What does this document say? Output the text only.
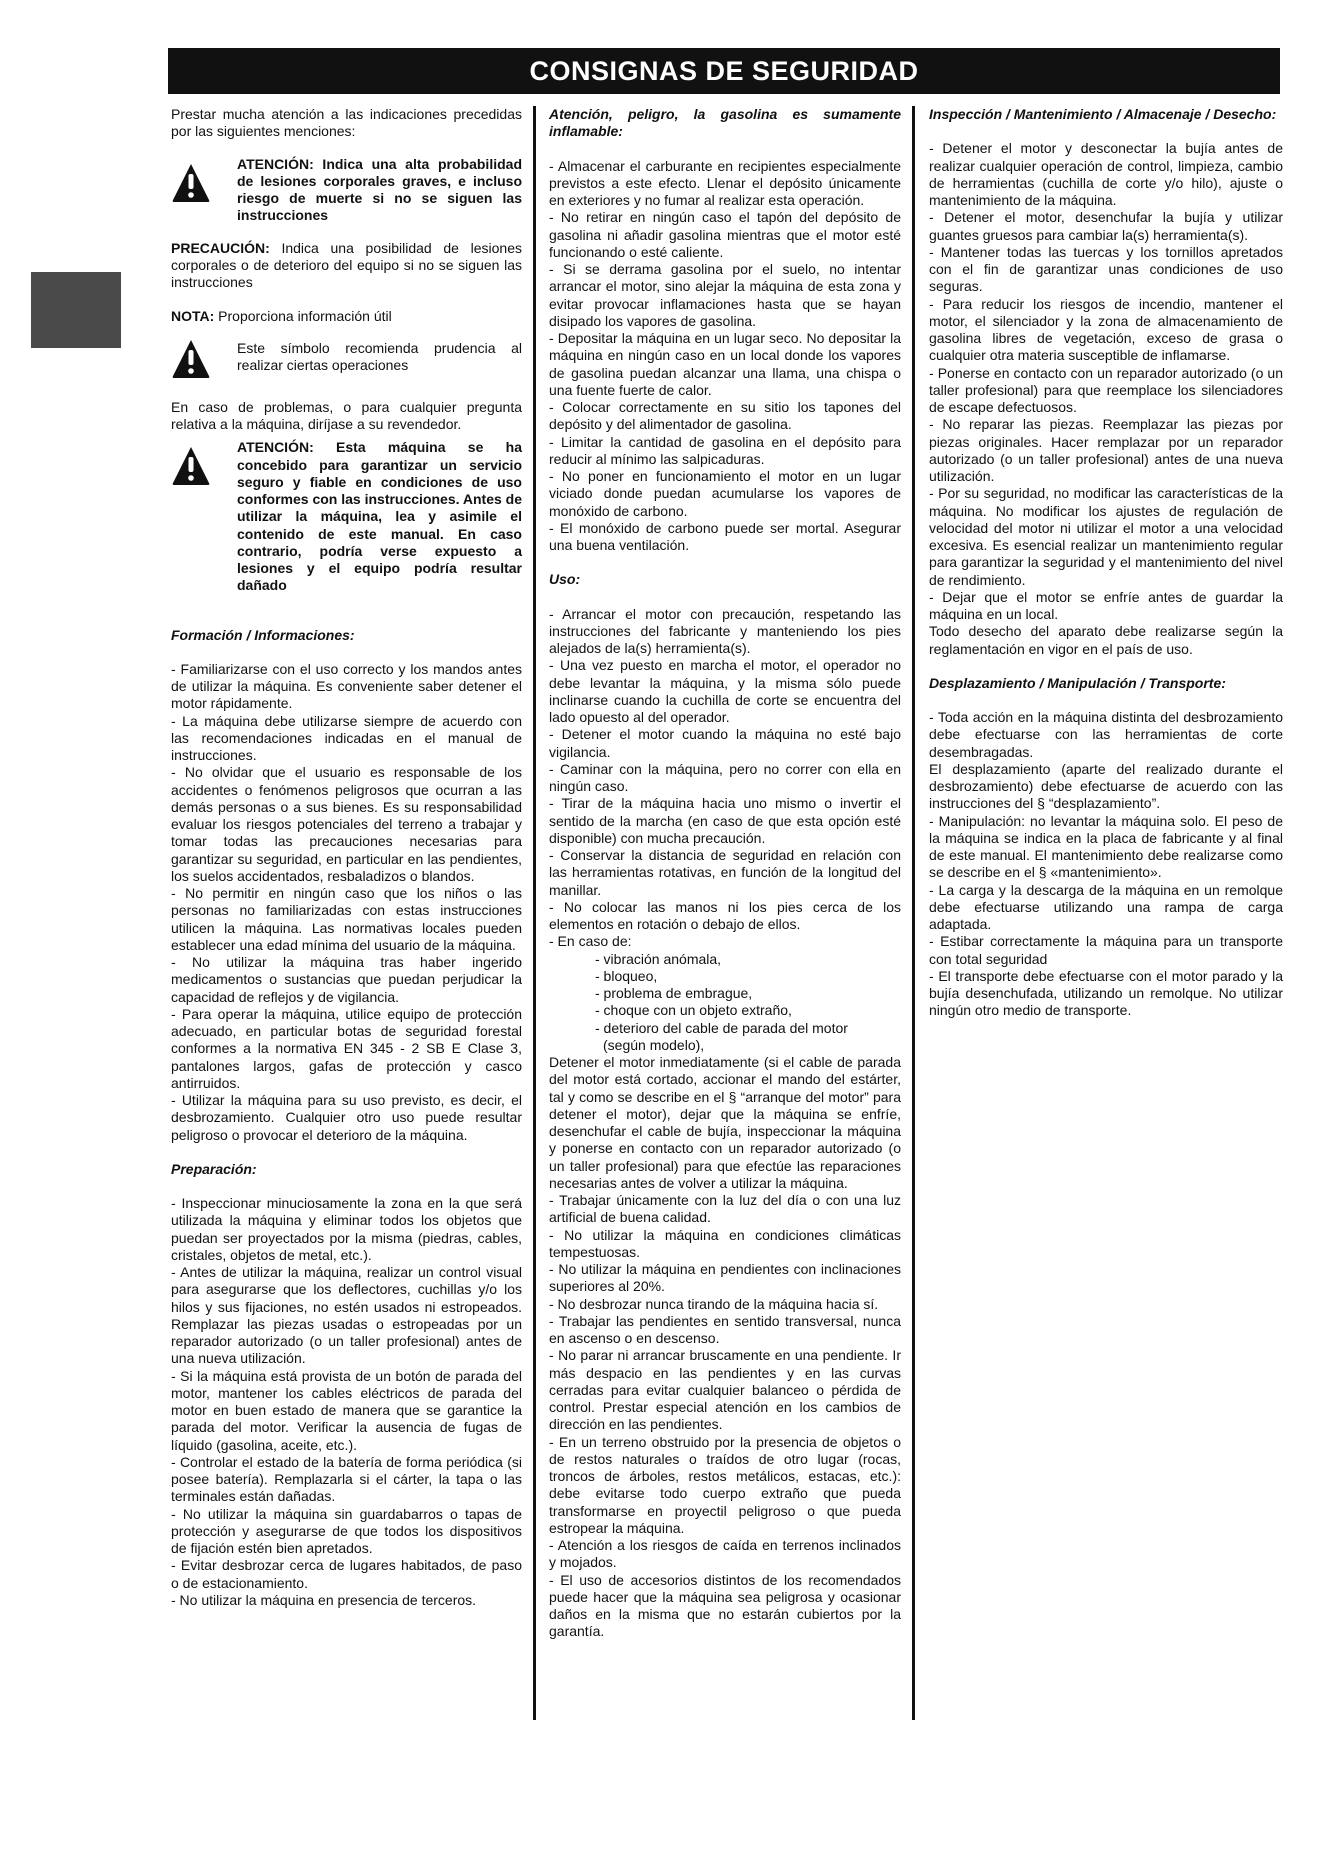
CONSIGNAS DE SEGURIDAD

Prestar mucha atención a las indicaciones precedidas por las siguientes menciones:

ATENCIÓN: Indica una alta probabilidad de lesiones corporales graves, e incluso riesgo de muerte si no se siguen las instrucciones

PRECAUCIÓN: Indica una posibilidad de lesiones corporales o de deterioro del equipo si no se siguen las instrucciones

NOTA: Proporciona información útil

Este símbolo recomienda prudencia al realizar ciertas operaciones

En caso de problemas, o para cualquier pregunta relativa a la máquina, diríjase a su revendedor.

ATENCIÓN: Esta máquina se ha concebido para garantizar un servicio seguro y fiable en condiciones de uso conformes con las instrucciones. Antes de utilizar la máquina, lea y asimile el contenido de este manual. En caso contrario, podría verse expuesto a lesiones y el equipo podría resultar dañado

Formación / Informaciones:

- Familiarizarse con el uso correcto y los mandos antes de utilizar la máquina. Es conveniente saber detener el motor rápidamente.

- La máquina debe utilizarse siempre de acuerdo con las recomendaciones indicadas en el manual de instrucciones.

- No olvidar que el usuario es responsable de los accidentes o fenómenos peligrosos que ocurran a las demás personas o a sus bienes. Es su responsabilidad evaluar los riesgos potenciales del terreno a trabajar y tomar todas las precauciones necesarias para garantizar su seguridad, en particular en las pendientes, los suelos accidentados, resbaladizos o blandos.

- No permitir en ningún caso que los niños o las personas no familiarizadas con estas instrucciones utilicen la máquina. Las normativas locales pueden establecer una edad mínima del usuario de la máquina.

- No utilizar la máquina tras haber ingerido medicamentos o sustancias que puedan perjudicar la capacidad de reflejos y de vigilancia.

- Para operar la máquina, utilice equipo de protección adecuado, en particular botas de seguridad forestal conformes a la normativa EN 345 - 2 SB E Clase 3, pantalones largos, gafas de protección y casco antirruidos.

- Utilizar la máquina para su uso previsto, es decir, el desbrozamiento. Cualquier otro uso puede resultar peligroso o provocar el deterioro de la máquina.

Preparación:

- Inspeccionar minuciosamente la zona en la que será utilizada la máquina y eliminar todos los objetos que puedan ser proyectados por la misma (piedras, cables, cristales, objetos de metal, etc.).

- Antes de utilizar la máquina, realizar un control visual para asegurarse que los deflectores, cuchillas y/o los hilos y sus fijaciones, no estén usados ni estropeados. Remplazar las piezas usadas o estropeadas por un reparador autorizado (o un taller profesional) antes de una nueva utilización.

- Si la máquina está provista de un botón de parada del motor, mantener los cables eléctricos de parada del motor en buen estado de manera que se garantice la parada del motor. Verificar la ausencia de fugas de líquido (gasolina, aceite, etc.).

- Controlar el estado de la batería de forma periódica (si posee batería). Remplazarla si el cárter, la tapa o las terminales están dañadas.

- No utilizar la máquina sin guardabarros o tapas de protección y asegurarse de que todos los dispositivos de fijación estén bien apretados.

- Evitar desbrozar cerca de lugares habitados, de paso o de estacionamiento.

- No utilizar la máquina en presencia de terceros.

Atención, peligro, la gasolina es sumamente inflamable:

- Almacenar el carburante en recipientes especialmente previstos a este efecto. Llenar el depósito únicamente en exteriores y no fumar al realizar esta operación.

- No retirar en ningún caso el tapón del depósito de gasolina ni añadir gasolina mientras que el motor esté funcionando o esté caliente.

- Si se derrama gasolina por el suelo, no intentar arrancar el motor, sino alejar la máquina de esta zona y evitar provocar inflamaciones hasta que se hayan disipado los vapores de gasolina.

- Depositar la máquina en un lugar seco. No depositar la máquina en ningún caso en un local donde los vapores de gasolina puedan alcanzar una llama, una chispa o una fuente fuerte de calor.

- Colocar correctamente en su sitio los tapones del depósito y del alimentador de gasolina.

- Limitar la cantidad de gasolina en el depósito para reducir al mínimo las salpicaduras.

- No poner en funcionamiento el motor en un lugar viciado donde puedan acumularse los vapores de monóxido de carbono.

- El monóxido de carbono puede ser mortal. Asegurar una buena ventilación.

Uso:

- Arrancar el motor con precaución, respetando las instrucciones del fabricante y manteniendo los pies alejados de la(s) herramienta(s).

- Una vez puesto en marcha el motor, el operador no debe levantar la máquina, y la misma sólo puede inclinarse cuando la cuchilla de corte se encuentra del lado opuesto al del operador.

- Detener el motor cuando la máquina no esté bajo vigilancia.

- Caminar con la máquina, pero no correr con ella en ningún caso.

- Tirar de la máquina hacia uno mismo o invertir el sentido de la marcha (en caso de que esta opción esté disponible) con mucha precaución.

- Conservar la distancia de seguridad en relación con las herramientas rotativas, en función de la longitud del manillar.

- No colocar las manos ni los pies cerca de los elementos en rotación o debajo de ellos.

- En caso de:

- vibración anómala,

- bloqueo,

- problema de embrague,

- choque con un objeto extraño,

- deterioro del cable de parada del motor

(según modelo),

Detener el motor inmediatamente (si el cable de parada del motor está cortado, accionar el mando del estárter, tal y como se describe en el § “arranque del motor” para detener el motor), dejar que la máquina se enfríe, desenchufar el cable de bujía, inspeccionar la máquina y ponerse en contacto con un reparador autorizado (o un taller profesional) para que efectúe las reparaciones necesarias antes de volver a utilizar la máquina.

- Trabajar únicamente con la luz del día o con una luz artificial de buena calidad.

- No utilizar la máquina en condiciones climáticas tempestuosas.

- No utilizar la máquina en pendientes con inclinaciones superiores al 20%.

- No desbrozar nunca tirando de la máquina hacia sí.

- Trabajar las pendientes en sentido transversal, nunca en ascenso o en descenso.

- No parar ni arrancar bruscamente en una pendiente. Ir más despacio en las pendientes y en las curvas cerradas para evitar cualquier balanceo o pérdida de control. Prestar especial atención en los cambios de dirección en las pendientes.

- En un terreno obstruido por la presencia de objetos o de restos naturales o traídos de otro lugar (rocas, troncos de árboles, restos metálicos, estacas, etc.): debe evitarse todo cuerpo extraño que pueda transformarse en proyectil peligroso o que pueda estropear la máquina.

- Atención a los riesgos de caída en terrenos inclinados y mojados.

- El uso de accesorios distintos de los recomendados puede hacer que la máquina sea peligrosa y ocasionar daños en la misma que no estarán cubiertos por la garantía.

Inspección / Mantenimiento / Almacenaje / Desecho:

- Detener el motor y desconectar la bujía antes de realizar cualquier operación de control, limpieza, cambio de herramientas (cuchilla de corte y/o hilo), ajuste o mantenimiento de la máquina.

- Detener el motor, desenchufar la bujía y utilizar guantes gruesos para cambiar la(s) herramienta(s).

- Mantener todas las tuercas y los tornillos apretados con el fin de garantizar unas condiciones de uso seguras.

- Para reducir los riesgos de incendio, mantener el motor, el silenciador y la zona de almacenamiento de gasolina libres de vegetación, exceso de grasa o cualquier otra materia susceptible de inflamarse.

- Ponerse en contacto con un reparador autorizado (o un taller profesional) para que reemplace los silenciadores de escape defectuosos.

- No reparar las piezas. Reemplazar las piezas por piezas originales. Hacer remplazar por un reparador autorizado (o un taller profesional) antes de una nueva utilización.

- Por su seguridad, no modificar las características de la máquina. No modificar los ajustes de regulación de velocidad del motor ni utilizar el motor a una velocidad excesiva. Es esencial realizar un mantenimiento regular para garantizar la seguridad y el mantenimiento del nivel de rendimiento.

- Dejar que el motor se enfríe antes de guardar la máquina en un local.

Todo desecho del aparato debe realizarse según la reglamentación en vigor en el país de uso.

Desplazamiento / Manipulación / Transporte:

- Toda acción en la máquina distinta del desbrozamiento debe efectuarse con las herramientas de corte desembragadas.

El desplazamiento (aparte del realizado durante el desbrozamiento) debe efectuarse de acuerdo con las instrucciones del § “desplazamiento”.

- Manipulación: no levantar la máquina solo. El peso de la máquina se indica en la placa de fabricante y al final de este manual. El mantenimiento debe realizarse como se describe en el § «mantenimiento».

- La carga y la descarga de la máquina en un remolque debe efectuarse utilizando una rampa de carga adaptada.

- Estibar correctamente la máquina para un transporte con total seguridad

- El transporte debe efectuarse con el motor parado y la bujía desenchufada, utilizando un remolque. No utilizar ningún otro medio de transporte.
